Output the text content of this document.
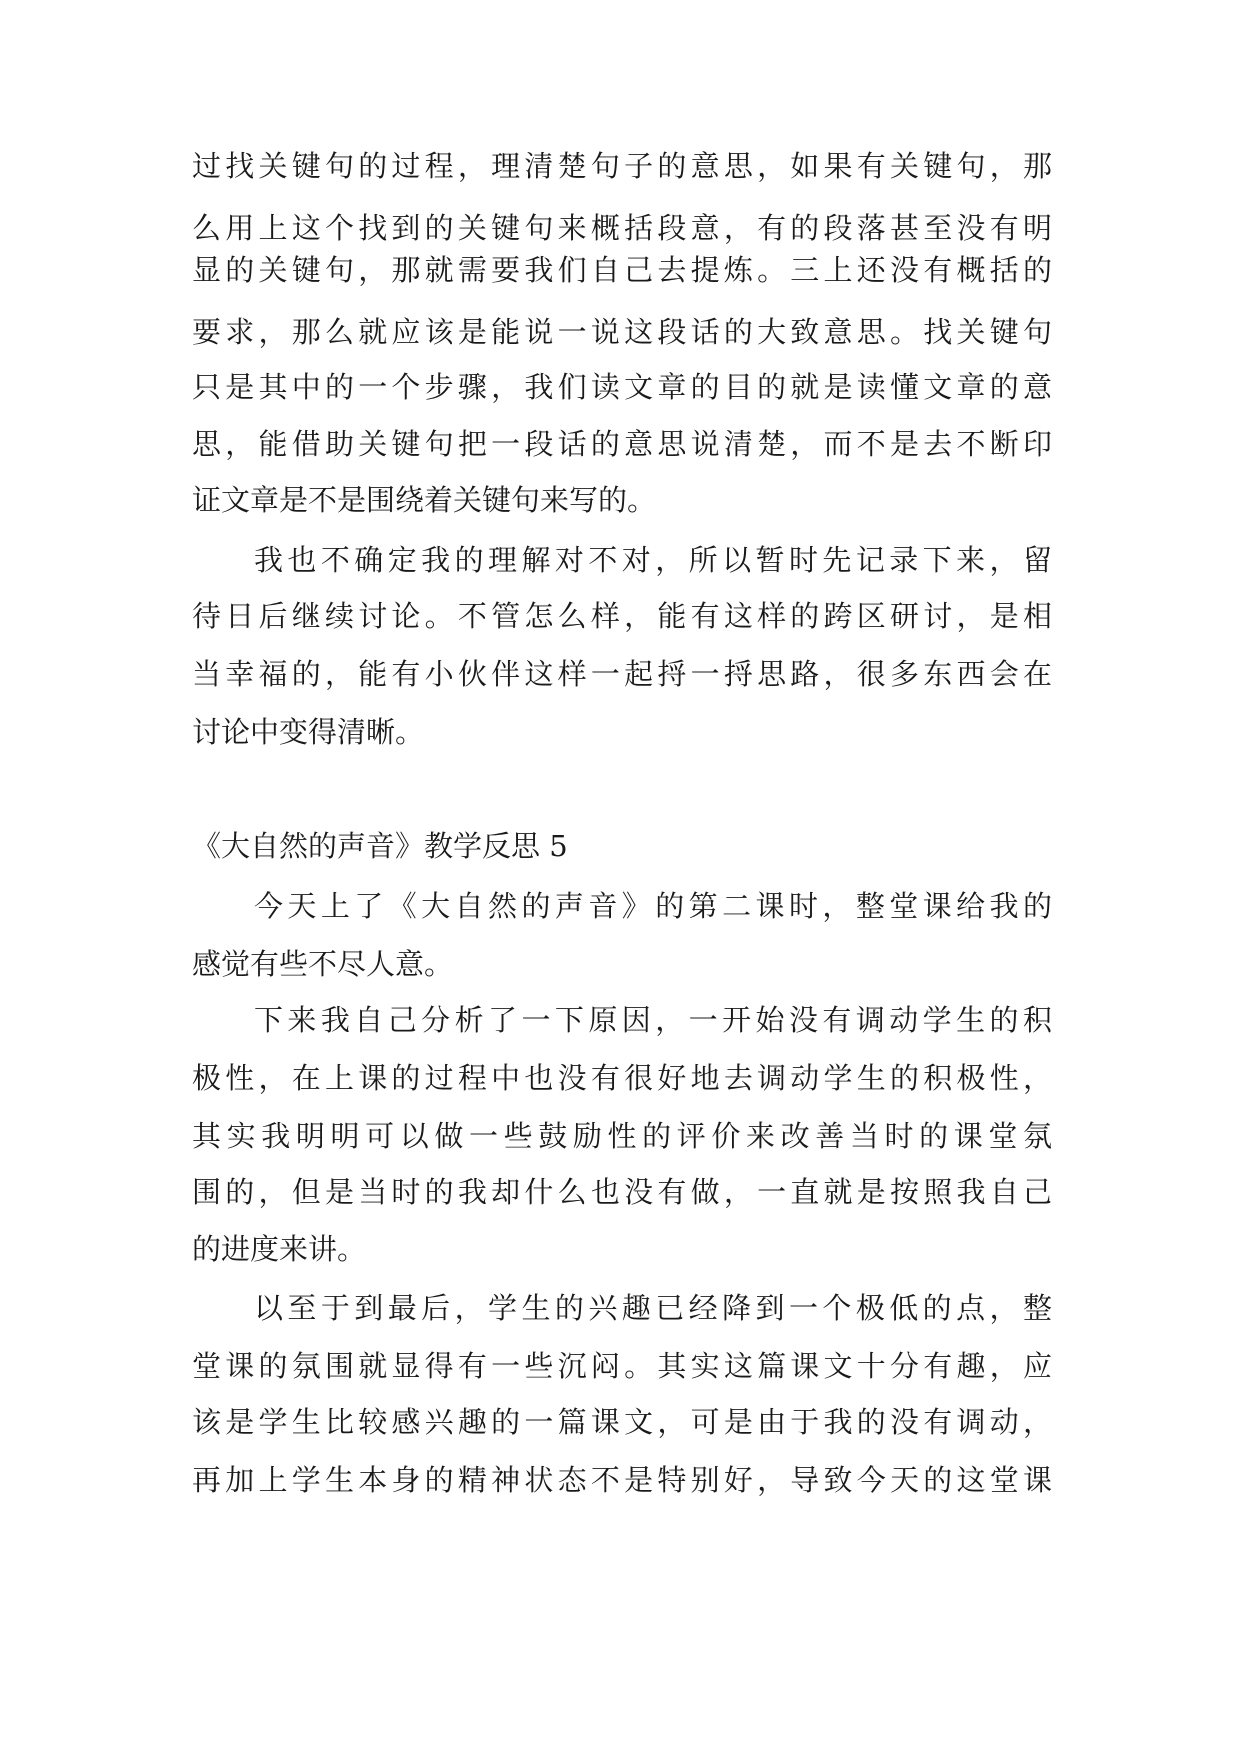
过找关键句的过程，理清楚句子的意思，如果有关键句，那
么用上这个找到的关键句来概括段意，有的段落甚至没有明
显的关键句，那就需要我们自己去提炼。三上还没有概括的
要求，那么就应该是能说一说这段话的大致意思。找关键句
只是其中的一个步骤，我们读文章的目的就是读懂文章的意
思，能借助关键句把一段话的意思说清楚，而不是去不断印
证文章是不是围绕着关键句来写的。
我也不确定我的理解对不对，所以暂时先记录下来，留
待日后继续讨论。不管怎么样，能有这样的跨区研讨，是相
当幸福的，能有小伙伴这样一起捋一捋思路，很多东西会在
讨论中变得清晰。
《大自然的声音》教学反思 5
今天上了《大自然的声音》的第二课时，整堂课给我的
感觉有些不尽人意。
下来我自己分析了一下原因，一开始没有调动学生的积
极性，在上课的过程中也没有很好地去调动学生的积极性，
其实我明明可以做一些鼓励性的评价来改善当时的课堂氛
围的，但是当时的我却什么也没有做，一直就是按照我自己
的进度来讲。
以至于到最后，学生的兴趣已经降到一个极低的点，整
堂课的氛围就显得有一些沉闷。其实这篇课文十分有趣，应
该是学生比较感兴趣的一篇课文，可是由于我的没有调动，
再加上学生本身的精神状态不是特别好，导致今天的这堂课
